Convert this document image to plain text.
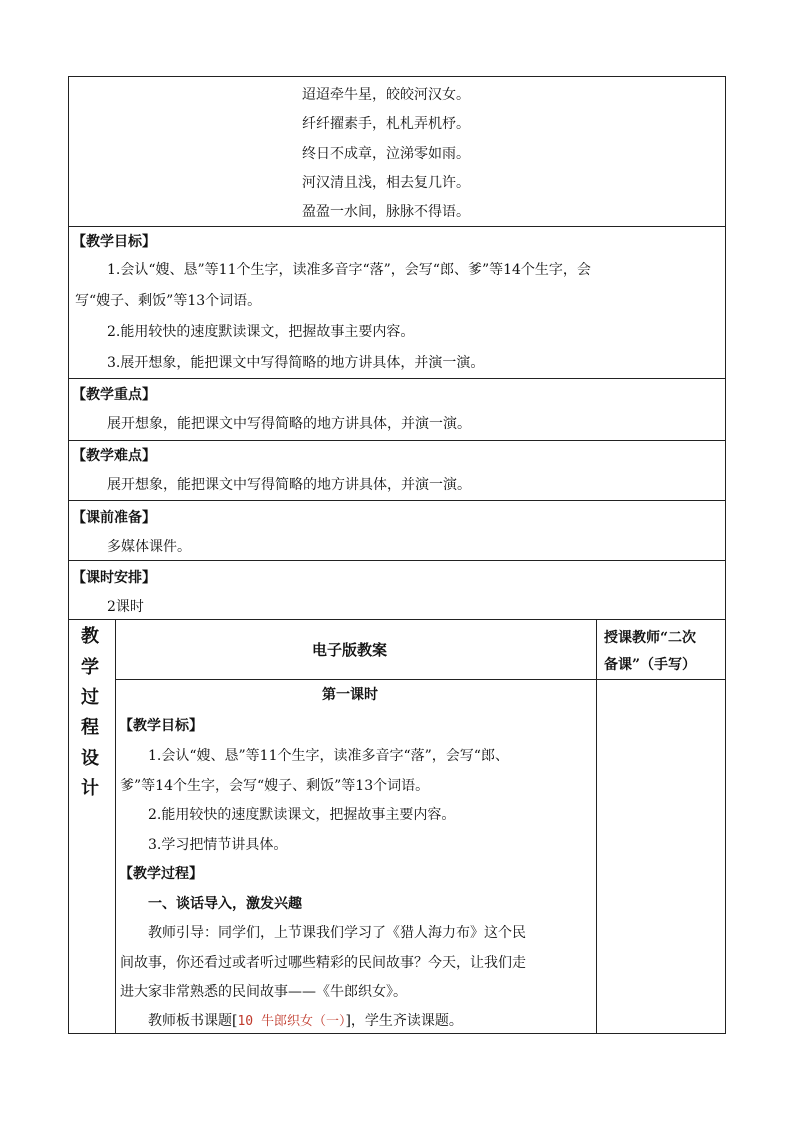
迢迢牵牛星，皎皎河汉女。
纤纤擢素手，札札弄机杼。
终日不成章，泣涕零如雨。
河汉清且浅，相去复几许。
盈盈一水间，脉脉不得语。
【教学目标】
1.会认“嫂、恳”等11个生字，读准多音字“落”，会写“郎、爹”等14个生字，会
写“嫂子、剩饭”等13个词语。
2.能用较快的速度默读课文，把握故事主要内容。
3.展开想象，能把课文中写得简略的地方讲具体，并演一演。
【教学重点】
展开想象，能把课文中写得简略的地方讲具体，并演一演。
【教学难点】
展开想象，能把课文中写得简略的地方讲具体，并演一演。
【课前准备】
多媒体课件。
【课时安排】
2课时
教
学
过
程
设
计
电子版教案
授课教师“二次
备课”（手写）
第一课时
【教学目标】
1.会认“嫂、恳”等11个生字，读准多音字“落”，会写“郎、
爹”等14个生字，会写“嫂子、剩饭”等13个词语。
2.能用较快的速度默读课文，把握故事主要内容。
3.学习把情节讲具体。
【教学过程】
一、谈话导入，激发兴趣
教师引导：同学们，上节课我们学习了《猎人海力布》这个民
间故事，你还看过或者听过哪些精彩的民间故事？今天，让我们走
进大家非常熟悉的民间故事——《牛郎织女》。
教师板书课题[10 牛郎织女（一）]，学生齐读课题。
